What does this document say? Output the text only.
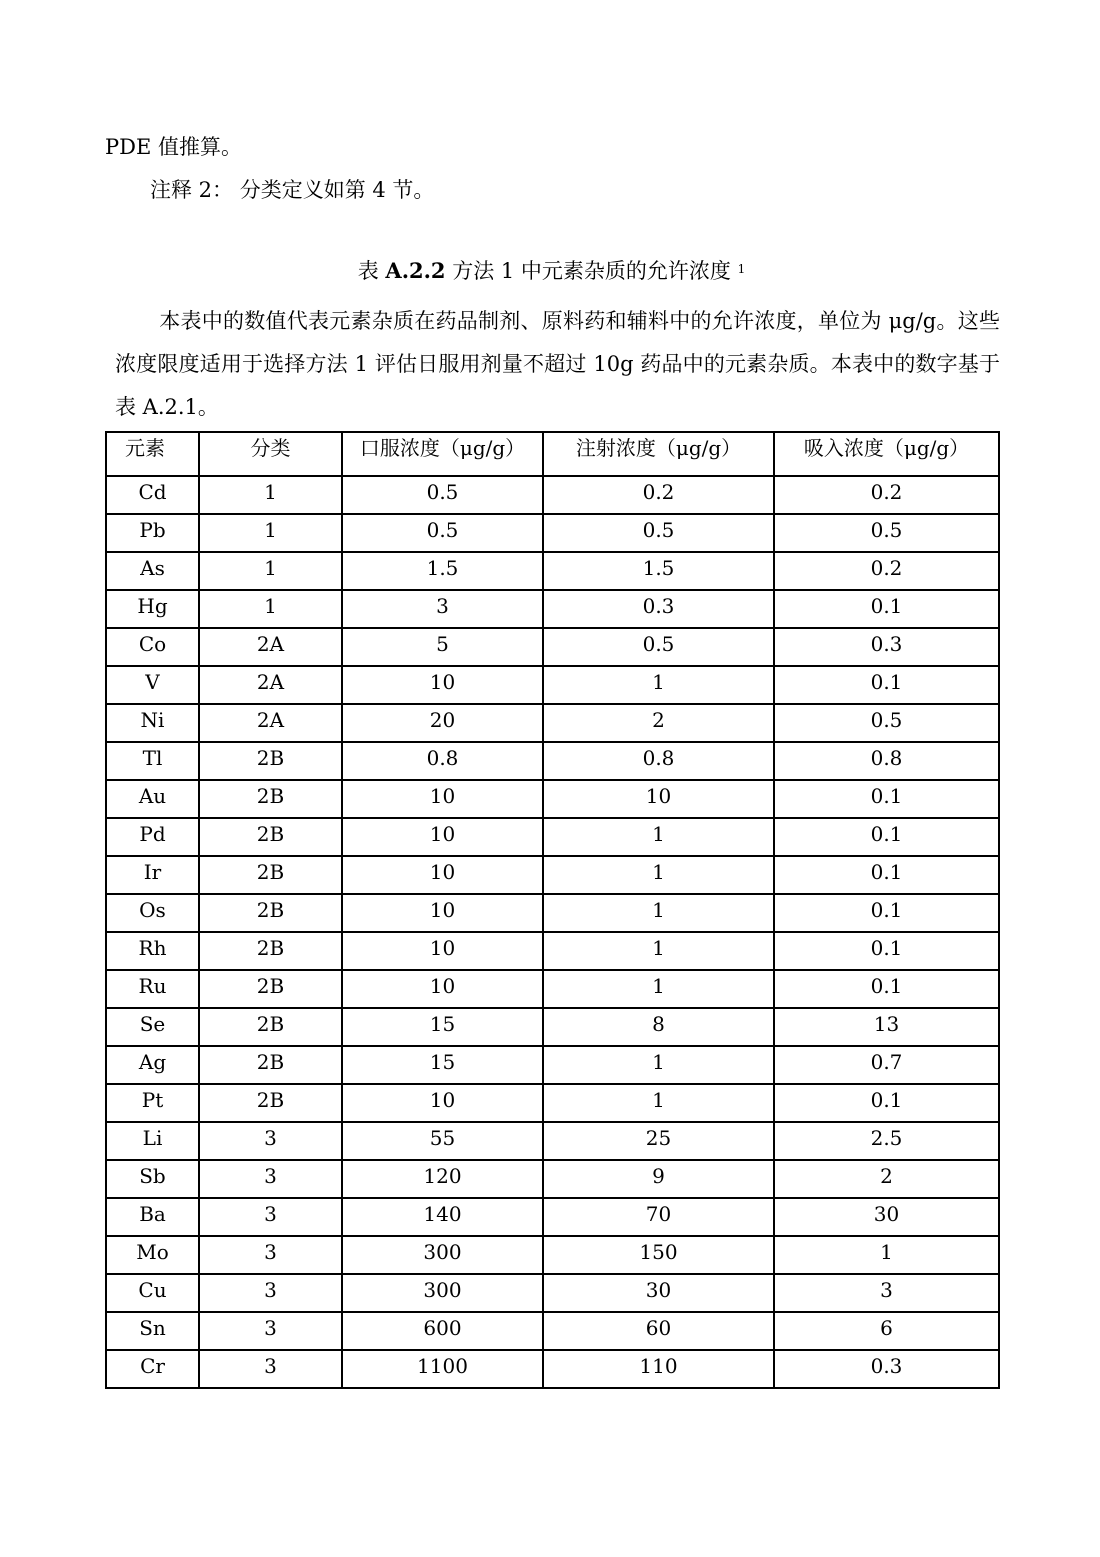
PDE 值推算。
注释 2： 分类定义如第 4 节。
表 A.2.2 方法 1 中元素杂质的允许浓度 $^1$
本表中的数值代表元素杂质在药品制剂、原料药和辅料中的允许浓度，单位为 μg/g。这些浓度限度适用于选择方法 1 评估日服用剂量不超过 10g 药品中的元素杂质。本表中的数字基于表 A.2.1。
元素	分类	口服浓度（μg/g）	注射浓度（μg/g）	吸入浓度（μg/g）
Cd	1	0.5	0.2	0.2
Pb	1	0.5	0.5	0.5
As	1	1.5	1.5	0.2
Hg	1	3	0.3	0.1
Co	2A	5	0.5	0.3
V	2A	10	1	0.1
Ni	2A	20	2	0.5
Tl	2B	0.8	0.8	0.8
Au	2B	10	10	0.1
Pd	2B	10	1	0.1
Ir	2B	10	1	0.1
Os	2B	10	1	0.1
Rh	2B	10	1	0.1
Ru	2B	10	1	0.1
Se	2B	15	8	13
Ag	2B	15	1	0.7
Pt	2B	10	1	0.1
Li	3	55	25	2.5
Sb	3	120	9	2
Ba	3	140	70	30
Mo	3	300	150	1
Cu	3	300	30	3
Sn	3	600	60	6
Cr	3	1100	110	0.3
